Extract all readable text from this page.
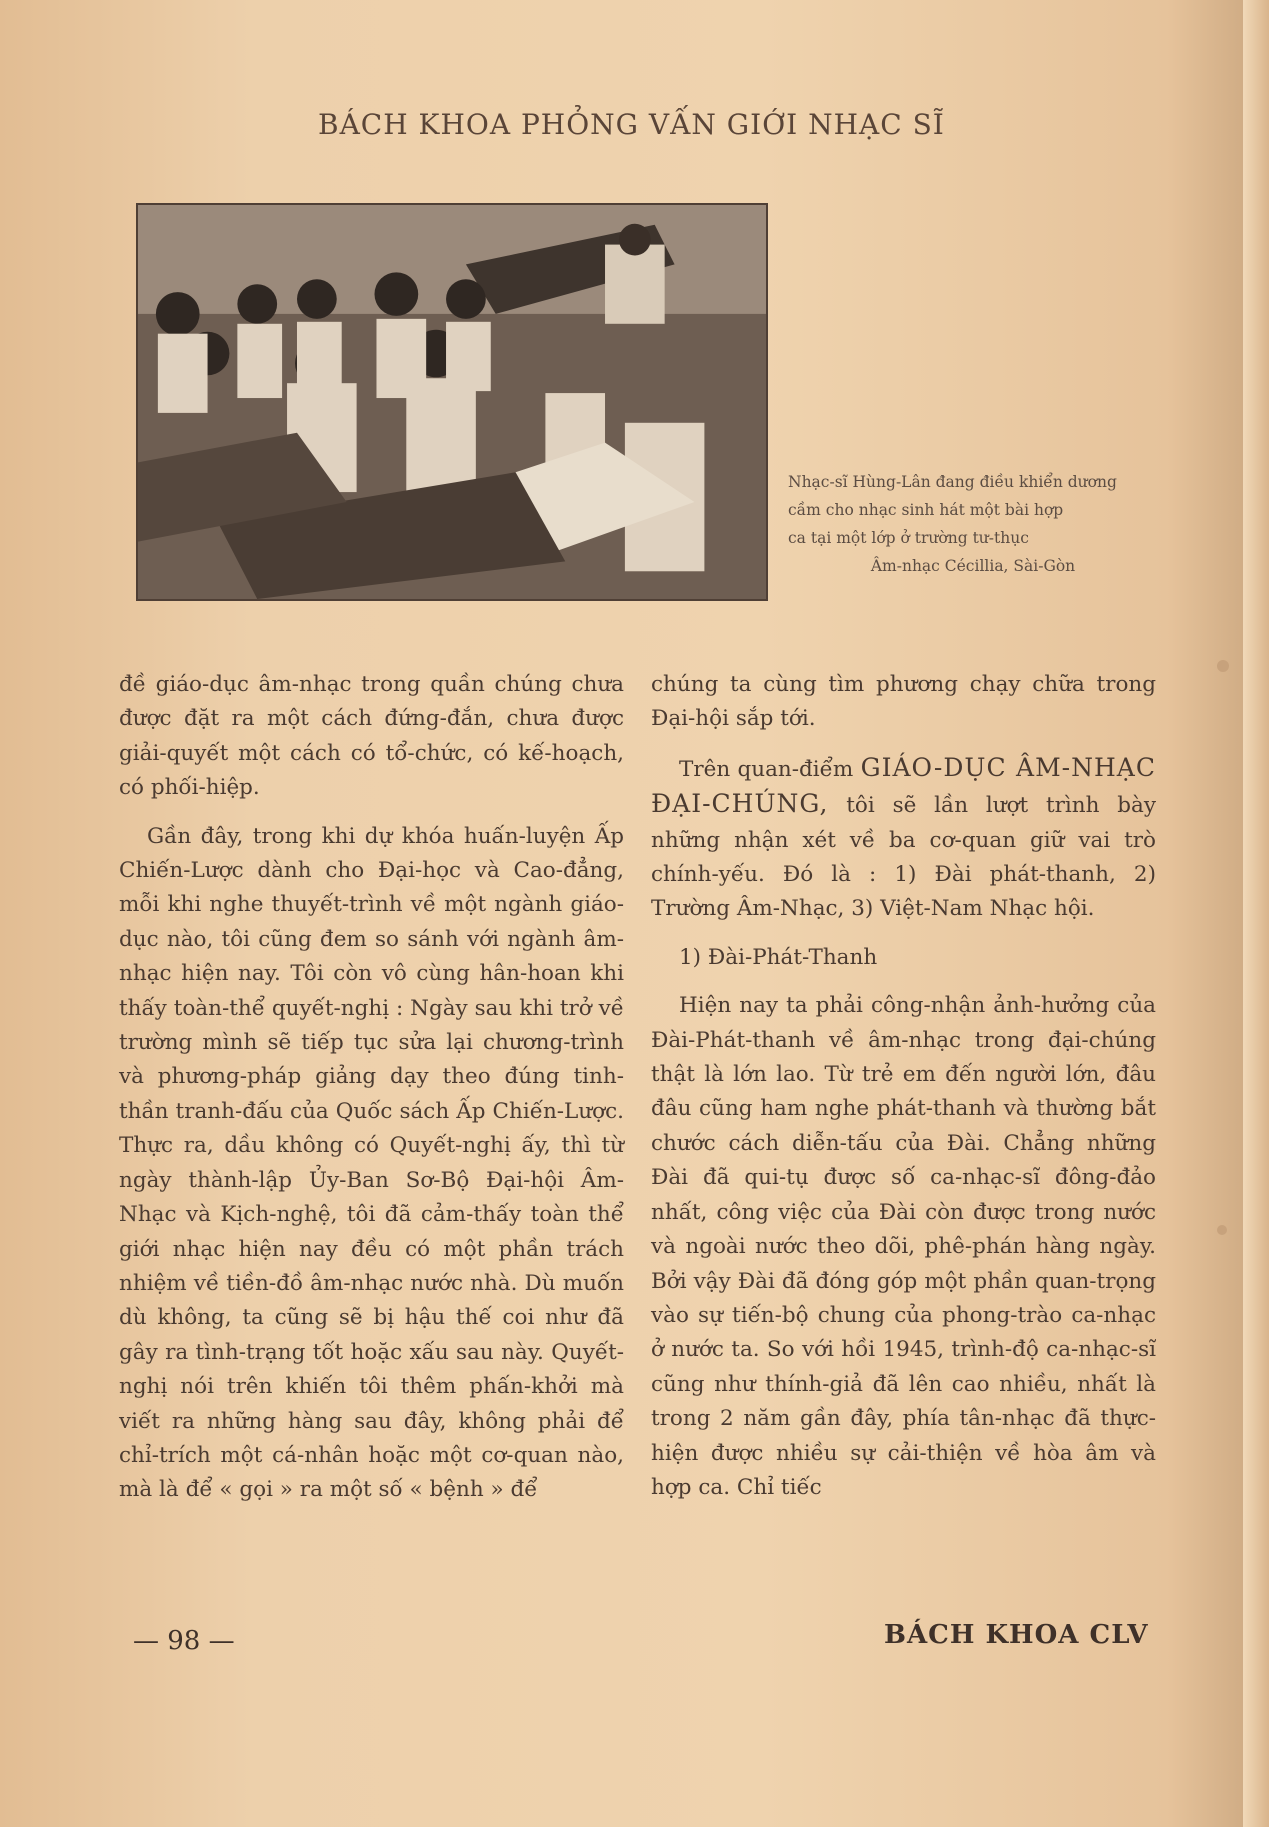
BÁCH KHOA PHỎNG VẤN GIỚI NHẠC SĨ
Nhạc-sĩ Hùng-Lân đang điều khiển dương
cầm cho nhạc sinh hát một bài hợp
ca tại một lớp ở trường tư-thục
Âm-nhạc Cécillia, Sài-Gòn

đề giáo-dục âm-nhạc trong quần chúng chưa được đặt ra một cách đứng-đắn, chưa được giải-quyết một cách có tổ-chức, có kế-hoạch, có phối-hiệp.

Gần đây, trong khi dự khóa huấn-luyện Ấp Chiến-Lược dành cho Đại-học và Cao-đẳng, mỗi khi nghe thuyết-trình về một ngành giáo-dục nào, tôi cũng đem so sánh với ngành âm-nhạc hiện nay. Tôi còn vô cùng hân-hoan khi thấy toàn-thể quyết-nghị : Ngày sau khi trở về trường mình sẽ tiếp tục sửa lại chương-trình và phương-pháp giảng dạy theo đúng tinh-thần tranh-đấu của Quốc sách Ấp Chiến-Lược. Thực ra, dầu không có Quyết-nghị ấy, thì từ ngày thành-lập Ủy-Ban Sơ-Bộ Đại-hội Âm-Nhạc và Kịch-nghệ, tôi đã cảm-thấy toàn thể giới nhạc hiện nay đều có một phần trách nhiệm về tiền-đồ âm-nhạc nước nhà. Dù muốn dù không, ta cũng sẽ bị hậu thế coi như đã gây ra tình-trạng tốt hoặc xấu sau này. Quyết-nghị nói trên khiến tôi thêm phấn-khởi mà viết ra những hàng sau đây, không phải để chỉ-trích một cá-nhân hoặc một cơ-quan nào, mà là để « gọi » ra một số « bệnh » để

chúng ta cùng tìm phương chạy chữa trong Đại-hội sắp tới.

Trên quan-điểm GIÁO-DỤC ÂM-NHẠC ĐẠI-CHÚNG, tôi sẽ lần lượt trình bày những nhận xét về ba cơ-quan giữ vai trò chính-yếu. Đó là : 1) Đài phát-thanh, 2) Trường Âm-Nhạc, 3) Việt-Nam Nhạc hội.

1) Đài-Phát-Thanh

Hiện nay ta phải công-nhận ảnh-hưởng của Đài-Phát-thanh về âm-nhạc trong đại-chúng thật là lớn lao. Từ trẻ em đến người lớn, đâu đâu cũng ham nghe phát-thanh và thường bắt chước cách diễn-tấu của Đài. Chẳng những Đài đã qui-tụ được số ca-nhạc-sĩ đông-đảo nhất, công việc của Đài còn được trong nước và ngoài nước theo dõi, phê-phán hàng ngày. Bởi vậy Đài đã đóng góp một phần quan-trọng vào sự tiến-bộ chung của phong-trào ca-nhạc ở nước ta. So với hồi 1945, trình-độ ca-nhạc-sĩ cũng như thính-giả đã lên cao nhiều, nhất là trong 2 năm gần đây, phía tân-nhạc đã thực-hiện được nhiều sự cải-thiện về hòa âm và hợp ca. Chỉ tiếc

— 98 —	BÁCH KHOA CLV
